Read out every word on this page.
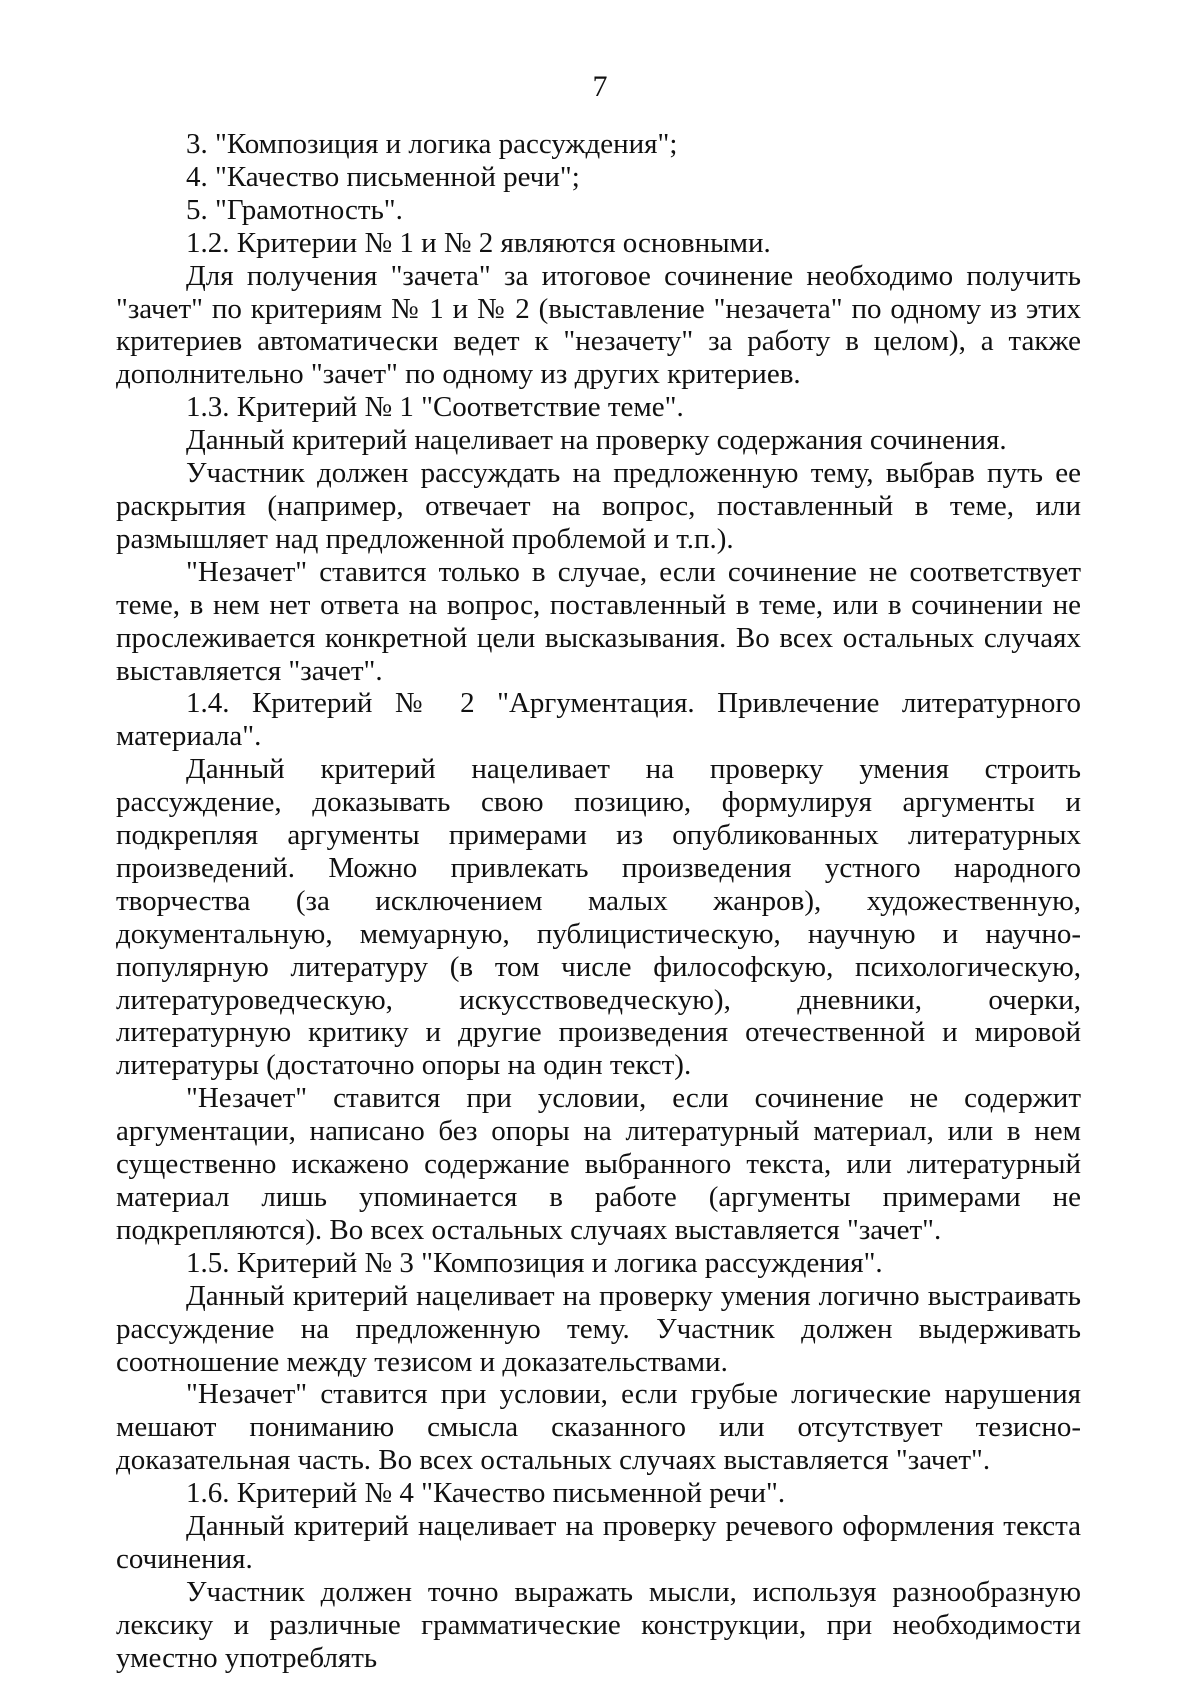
7

3. "Композиция и логика рассуждения";

4. "Качество письменной речи";

5. "Грамотность".

1.2. Критерии № 1 и № 2 являются основными.

Для получения "зачета" за итоговое сочинение необходимо получить "зачет" по критериям № 1 и № 2 (выставление "незачета" по одному из этих критериев автоматически ведет к "незачету" за работу в целом), а также дополнительно "зачет" по одному из других критериев.

1.3. Критерий № 1 "Соответствие теме".

Данный критерий нацеливает на проверку содержания сочинения.

Участник должен рассуждать на предложенную тему, выбрав путь ее раскрытия (например, отвечает на вопрос, поставленный в теме, или размышляет над предложенной проблемой и т.п.).

"Незачет" ставится только в случае, если сочинение не соответствует теме, в нем нет ответа на вопрос, поставленный в теме, или в сочинении не прослеживается конкретной цели высказывания. Во всех остальных случаях выставляется "зачет".

1.4. Критерий № 2 "Аргументация. Привлечение литературного материала".

Данный критерий нацеливает на проверку умения строить рассуждение, доказывать свою позицию, формулируя аргументы и подкрепляя аргументы примерами из опубликованных литературных произведений. Можно привлекать произведения устного народного творчества (за исключением малых жанров), художественную, документальную, мемуарную, публицистическую, научную и научно-популярную литературу (в том числе философскую, психологическую, литературоведческую, искусствоведческую), дневники, очерки, литературную критику и другие произведения отечественной и мировой литературы (достаточно опоры на один текст).

"Незачет" ставится при условии, если сочинение не содержит аргументации, написано без опоры на литературный материал, или в нем существенно искажено содержание выбранного текста, или литературный материал лишь упоминается в работе (аргументы примерами не подкрепляются). Во всех остальных случаях выставляется "зачет".

1.5. Критерий № 3 "Композиция и логика рассуждения".

Данный критерий нацеливает на проверку умения логично выстраивать рассуждение на предложенную тему. Участник должен выдерживать соотношение между тезисом и доказательствами.

"Незачет" ставится при условии, если грубые логические нарушения мешают пониманию смысла сказанного или отсутствует тезисно-доказательная часть. Во всех остальных случаях выставляется "зачет".

1.6. Критерий № 4 "Качество письменной речи".

Данный критерий нацеливает на проверку речевого оформления текста сочинения.

Участник должен точно выражать мысли, используя разнообразную лексику и различные грамматические конструкции, при необходимости уместно употреблять
